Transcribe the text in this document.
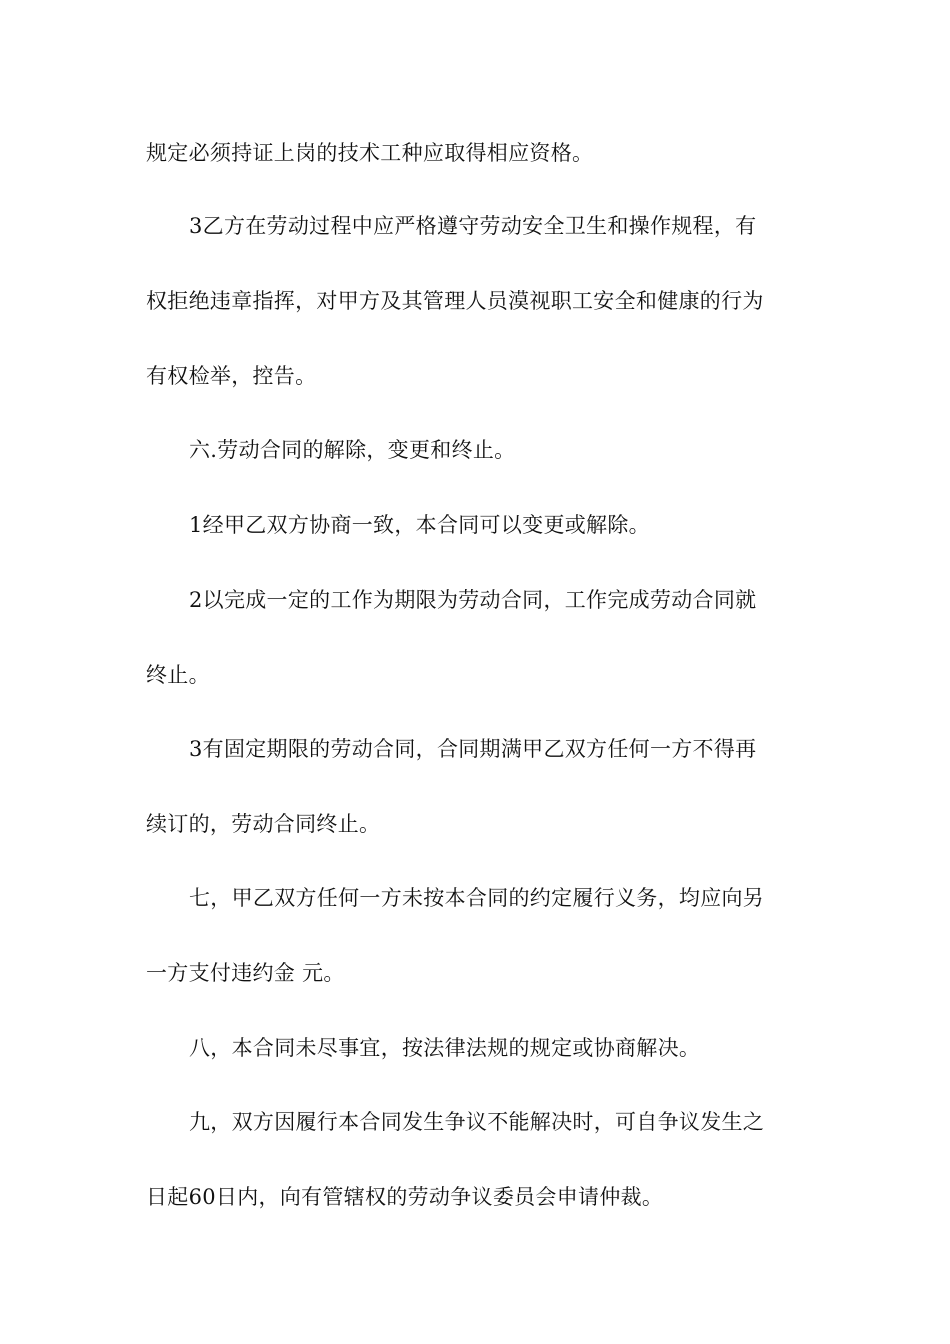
规定必须持证上岗的技术工种应取得相应资格。
3乙方在劳动过程中应严格遵守劳动安全卫生和操作规程，有
权拒绝违章指挥，对甲方及其管理人员漠视职工安全和健康的行为
有权检举，控告。
六.劳动合同的解除，变更和终止。
1经甲乙双方协商一致，本合同可以变更或解除。
2以完成一定的工作为期限为劳动合同，工作完成劳动合同就
终止。
3有固定期限的劳动合同，合同期满甲乙双方任何一方不得再
续订的，劳动合同终止。
七，甲乙双方任何一方未按本合同的约定履行义务，均应向另
一方支付违约金 元。
八，本合同未尽事宜，按法律法规的规定或协商解决。
九，双方因履行本合同发生争议不能解决时，可自争议发生之
日起60日内，向有管辖权的劳动争议委员会申请仲裁。
